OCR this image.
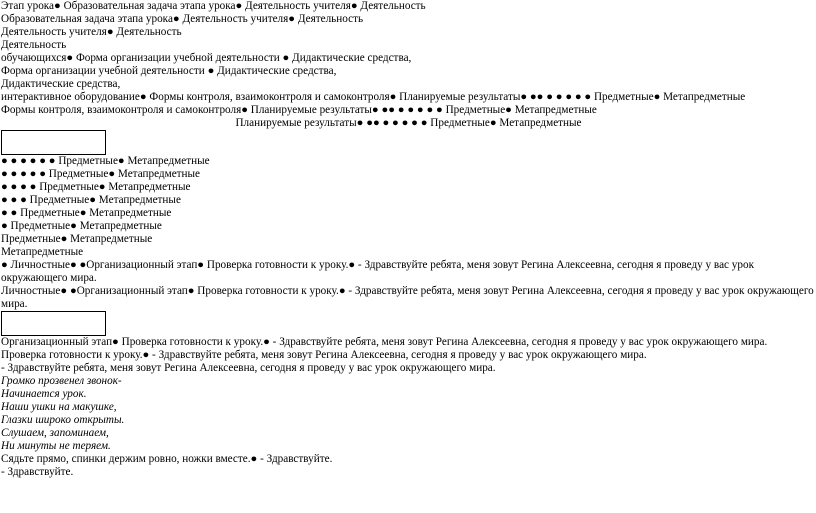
Этап урока● Образовательная задача этапа урока● Деятельность учителя● Деятельность
Образовательная задача этапа урока● Деятельность учителя● Деятельность
Деятельность учителя● Деятельность
Деятельность
обучающихся● Форма организации учебной деятельности ● Дидактические средства,
Форма организации учебной деятельности ● Дидактические средства,
Дидактические средства,
интерактивное оборудование● Формы контроля, взаимоконтроля и самоконтроля● Планируемые результаты● ●● ● ● ● ● ● Предметные● Метапредметные
Формы контроля, взаимоконтроля и самоконтроля● Планируемые результаты● ●● ● ● ● ● ● Предметные● Метапредметные
Планируемые результаты● ●● ● ● ● ● ● Предметные● Метапредметные
● ● ● ● ● ● Предметные● Метапредметные
● ● ● ● ● Предметные● Метапредметные
● ● ● ● Предметные● Метапредметные
● ● ● Предметные● Метапредметные
● ● Предметные● Метапредметные
● Предметные● Метапредметные
Предметные● Метапредметные
Метапредметные
● Личностные● ●Организационный этап● Проверка готовности к уроку.● - Здравствуйте ребята, меня зовут Регина Алексеевна, сегодня я проведу у вас урок окружающего мира.
Личностные● ●Организационный этап● Проверка готовности к уроку.● - Здравствуйте ребята, меня зовут Регина Алексеевна, сегодня я проведу у вас урок окружающего мира.
Организационный этап● Проверка готовности к уроку.● - Здравствуйте ребята, меня зовут Регина Алексеевна, сегодня я проведу у вас урок окружающего мира.
Проверка готовности к уроку.● - Здравствуйте ребята, меня зовут Регина Алексеевна, сегодня я проведу у вас урок окружающего мира.
- Здравствуйте ребята, меня зовут Регина Алексеевна, сегодня я проведу у вас урок окружающего мира.
Громко прозвенел звонок-
Начинается урок.
Наши ушки на макушке,
Глазки широко открыты.
Слушаем, запоминаем,
Ни минуты не теряем.
Сядьте прямо, спинки держим ровно, ножки вместе.● - Здравствуйте.
- Здравствуйте.
